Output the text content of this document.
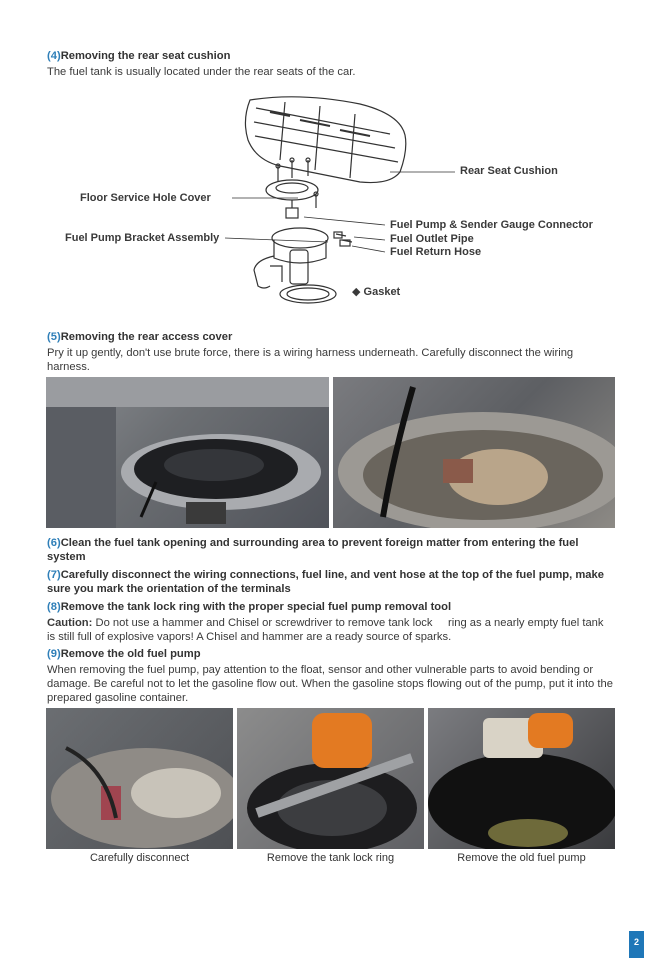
(4)Removing the rear seat cushion
The fuel tank is usually located under the rear seats of the car.
Rear Seat Cushion
Floor Service Hole Cover
Fuel Pump & Sender Gauge Connector
Fuel Pump Bracket Assembly	Fuel Outlet Pipe
Fuel Return Hose
◆ Gasket
(5)Removing the rear access cover
Pry it up gently, don't use brute force, there is a wiring harness underneath. Carefully disconnect the wiring harness.
(6)Clean the fuel tank opening and surrounding area to prevent foreign matter from entering the fuel system
(7)Carefully disconnect the wiring connections, fuel line, and vent hose at the top of the fuel pump, make sure you mark the orientation of the terminals
(8)Remove the tank lock ring with the proper special fuel pump removal tool
Caution: Do not use a hammer and Chisel or screwdriver to remove tank lock     ring as a nearly empty fuel tank is still full of explosive vapors! A Chisel and hammer are a ready source of sparks.
(9)Remove the old fuel pump
When removing the fuel pump, pay attention to the float, sensor and other vulnerable parts to avoid bending or damage. Be careful not to let the gasoline flow out. When the gasoline stops flowing out of the pump, put it into the prepared gasoline container.
Carefully disconnect	Remove the tank lock ring	Remove the old fuel pump
2
